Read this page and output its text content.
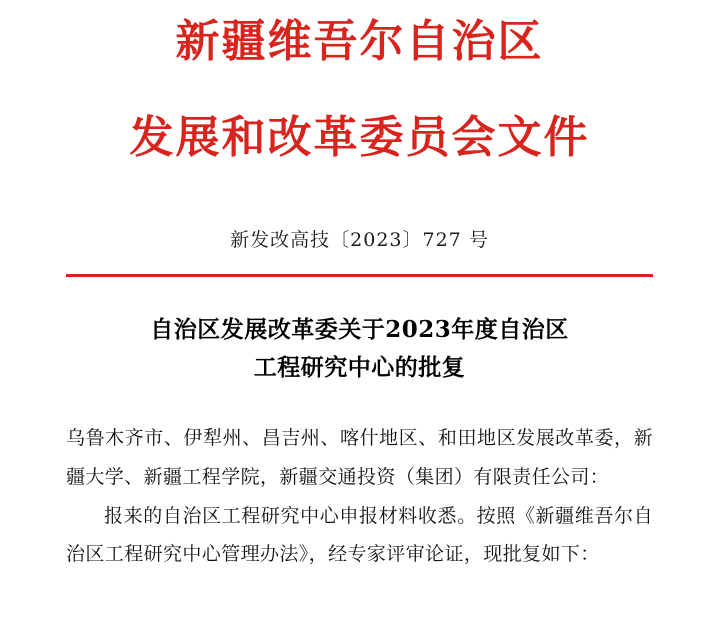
新疆维吾尔自治区
发展和改革委员会文件
新发改高技〔2023〕727 号
自治区发展改革委关于2023年度自治区
工程研究中心的批复

乌鲁木齐市、伊犁州、昌吉州、喀什地区、和田地区发展改革委，新疆大学、新疆工程学院，新疆交通投资（集团）有限责任公司：

报来的自治区工程研究中心申报材料收悉。按照《新疆维吾尔自治区工程研究中心管理办法》，经专家评审论证，现批复如下：
